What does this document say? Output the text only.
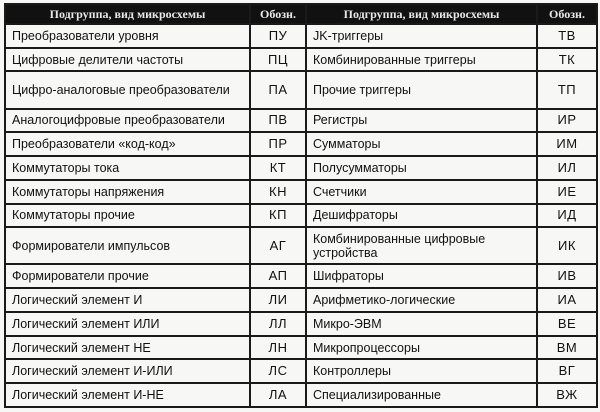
Подгруппа, вид микросхемы	Обозн.	Подгруппа, вид микросхемы	Обозн.
Преобразователи уровня	ПУ	JK-триггеры	ТВ
Цифровые делители частоты	ПЦ	Комбинированные триггеры	ТК
Цифро-аналоговые преобразователи	ПА	Прочие триггеры	ТП
Аналогоцифровые преобразователи	ПВ	Регистры	ИР
Преобразователи «код-код»	ПР	Сумматоры	ИМ
Коммутаторы тока	КТ	Полусумматоры	ИЛ
Коммутаторы напряжения	КН	Счетчики	ИЕ
Коммутаторы прочие	КП	Дешифраторы	ИД
Формирователи импульсов	АГ	Комбинированные цифровые устройства	ИК
Формирователи прочие	АП	Шифраторы	ИВ
Логический элемент И	ЛИ	Арифметико-логические	ИА
Логический элемент ИЛИ	ЛЛ	Микро-ЭВМ	ВЕ
Логический элемент НЕ	ЛН	Микропроцессоры	ВМ
Логический элемент И-ИЛИ	ЛС	Контроллеры	ВГ
Логический элемент И-НЕ	ЛА	Специализированные	ВЖ
